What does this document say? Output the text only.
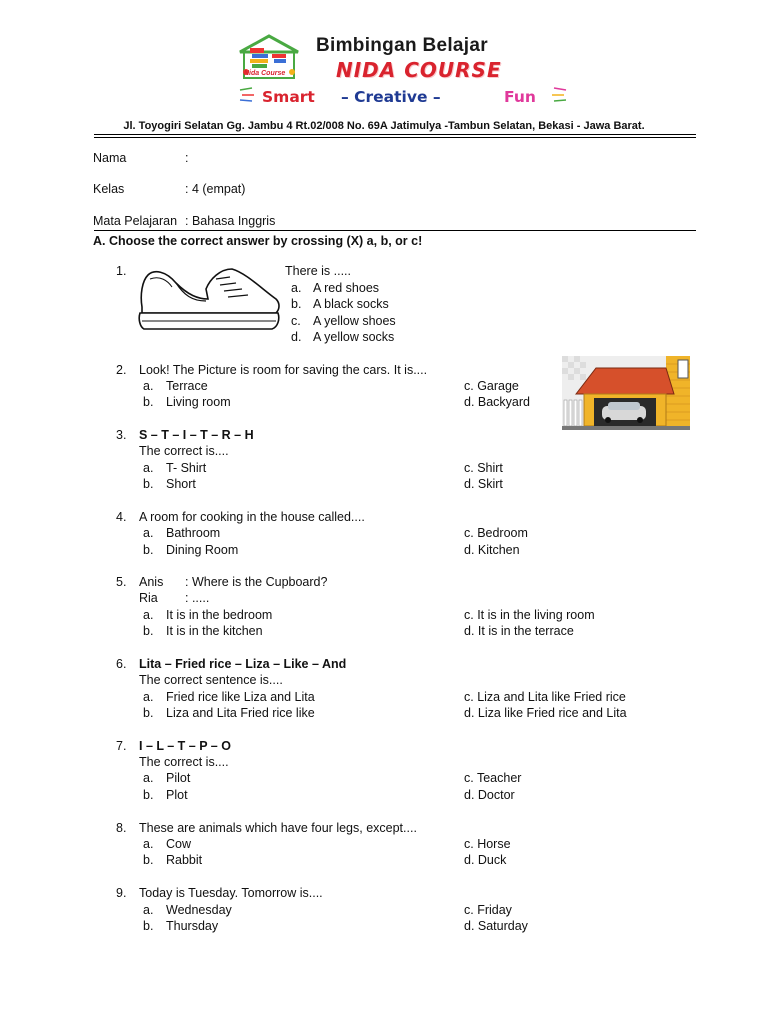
Nida Course
Bimbingan Belajar
NIDA COURSE
Smart – Creative –	Fun
Jl. Toyogiri Selatan Gg. Jambu 4 Rt.02/008 No. 69A Jatimulya -Tambun Selatan, Bekasi - Jawa Barat.
Nama	:
Kelas	: 4 (empat)
Mata Pelajaran : Bahasa Inggris
A. Choose the correct answer by crossing (X) a, b, or c!
1.	There is .....
a. A red shoes
b. A black socks
c. A yellow shoes
d. A yellow socks
2. Look! The Picture is room for saving the cars. It is....
a. Terrace
b. Living room
c. Garage
d. Backyard
3. S – T – I – T – R – H
The correct is....
a. T- Shirt
b. Short
c. Shirt
d. Skirt
4. A room for cooking in the house called....
a. Bathroom
b. Dining Room
c. Bedroom
d. Kitchen
5. Anis : Where is the Cupboard?
Ria : .....
a. It is in the bedroom
b. It is in the kitchen
c. It is in the living room
d. It is in the terrace
6. Lita – Fried rice – Liza – Like – And
The correct sentence is....
a. Fried rice like Liza and Lita
b. Liza and Lita Fried rice like
c. Liza and Lita like Fried rice
d. Liza like Fried rice and Lita
7. I – L – T – P – O
The correct is....
a. Pilot
b. Plot
c. Teacher
d. Doctor
8. These are animals which have four legs, except....
a. Cow
b. Rabbit
c. Horse
d. Duck
9. Today is Tuesday. Tomorrow is....
a. Wednesday
b. Thursday
c. Friday
d. Saturday
